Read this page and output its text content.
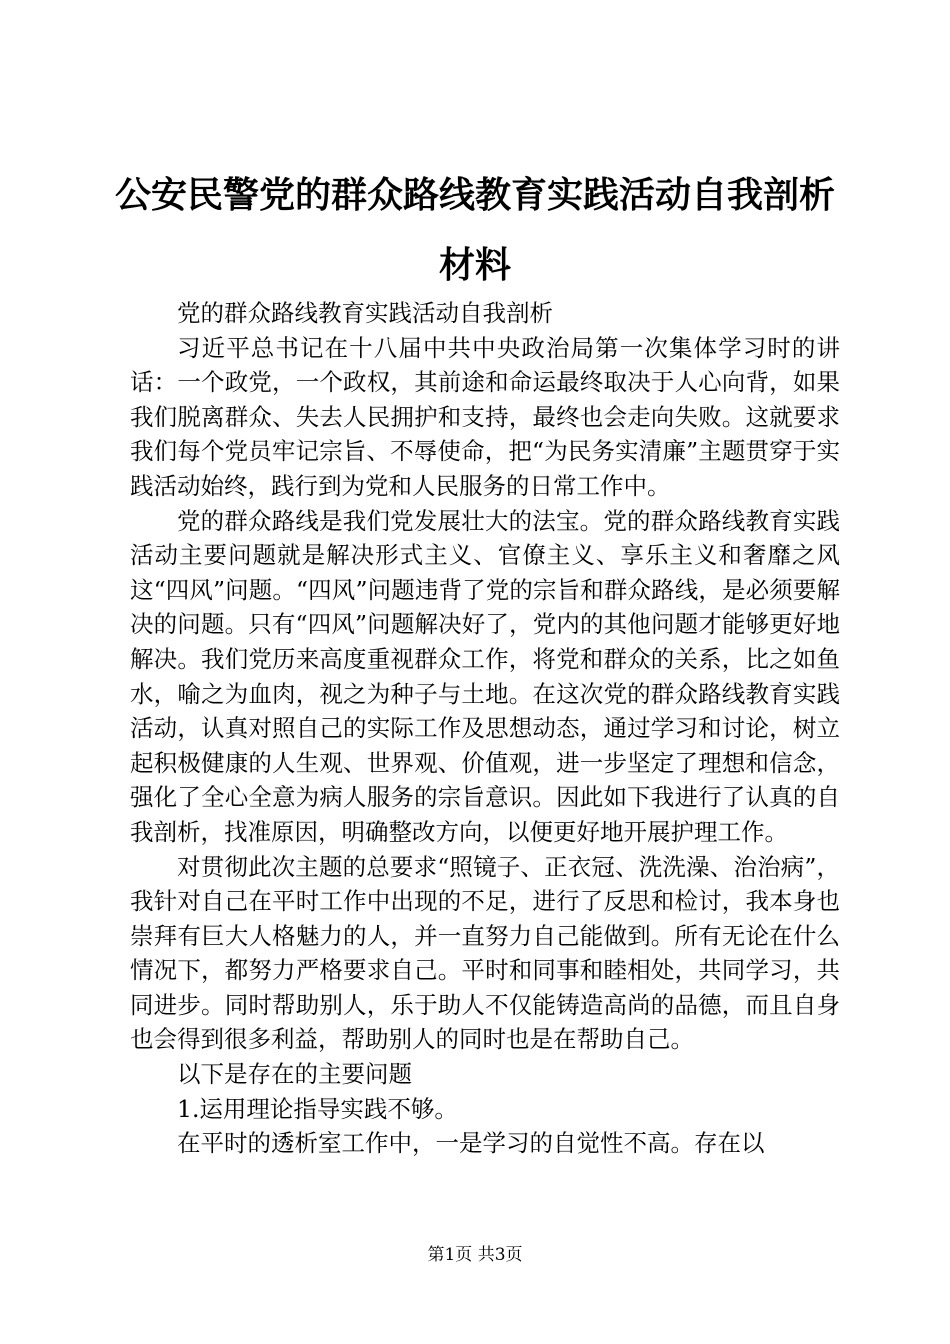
公安民警党的群众路线教育实践活动自我剖析材料

党的群众路线教育实践活动自我剖析

习近平总书记在十八届中共中央政治局第一次集体学习时的讲话：一个政党，一个政权，其前途和命运最终取决于人心向背，如果我们脱离群众、失去人民拥护和支持，最终也会走向失败。这就要求我们每个党员牢记宗旨、不辱使命，把“为民务实清廉”主题贯穿于实践活动始终，践行到为党和人民服务的日常工作中。

党的群众路线是我们党发展壮大的法宝。党的群众路线教育实践活动主要问题就是解决形式主义、官僚主义、享乐主义和奢靡之风这“四风”问题。“四风”问题违背了党的宗旨和群众路线，是必须要解决的问题。只有“四风”问题解决好了，党内的其他问题才能够更好地解决。我们党历来高度重视群众工作，将党和群众的关系，比之如鱼水，喻之为血肉，视之为种子与土地。在这次党的群众路线教育实践活动，认真对照自己的实际工作及思想动态，通过学习和讨论，树立起积极健康的人生观、世界观、价值观，进一步坚定了理想和信念，强化了全心全意为病人服务的宗旨意识。因此如下我进行了认真的自我剖析，找准原因，明确整改方向，以便更好地开展护理工作。

对贯彻此次主题的总要求“照镜子、正衣冠、洗洗澡、治治病”，我针对自己在平时工作中出现的不足，进行了反思和检讨，我本身也崇拜有巨大人格魅力的人，并一直努力自己能做到。所有无论在什么情况下，都努力严格要求自己。平时和同事和睦相处，共同学习，共同进步。同时帮助别人，乐于助人不仅能铸造高尚的品德，而且自身也会得到很多利益，帮助别人的同时也是在帮助自己。

以下是存在的主要问题

1.运用理论指导实践不够。

在平时的透析室工作中，一是学习的自觉性不高。存在以

第1页 共3页
